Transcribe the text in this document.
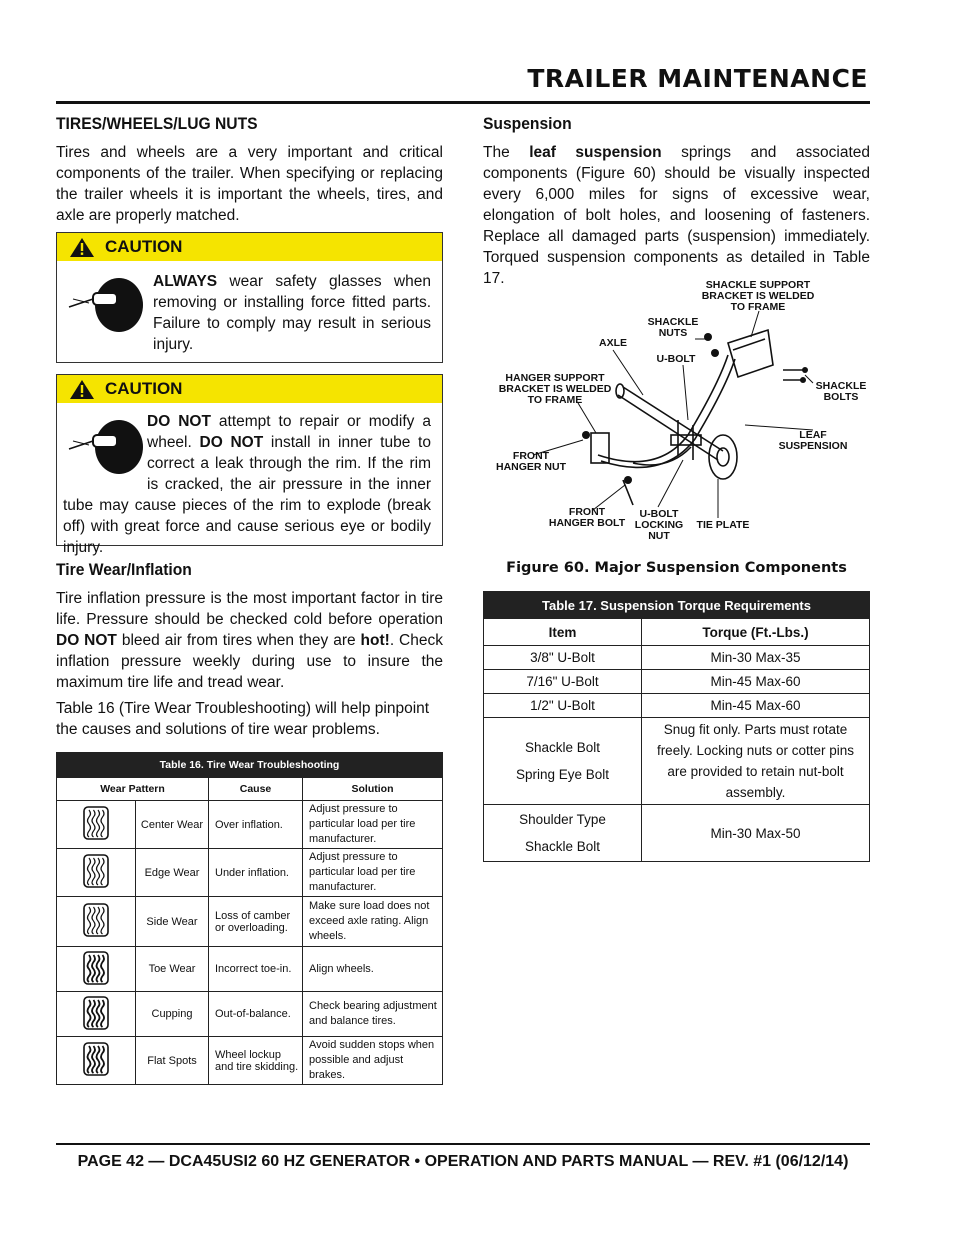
TRAILER MAINTENANCE
TIRES/WHEELS/LUG NUTS
Tires and wheels are a very important and critical components of the trailer. When specifying or replacing the trailer wheels it is important the wheels, tires, and axle are properly matched.
CAUTION
ALWAYS wear safety glasses when removing or installing force fitted parts. Failure to comply may result in serious injury.
CAUTION
DO NOT attempt to repair or modify a wheel. DO NOT install in inner tube to correct a leak through the rim. If the rim is cracked, the air pressure in the inner tube may cause pieces of the rim to explode (break off) with great force and cause serious eye or bodily injury.
Tire Wear/Inflation
Tire inflation pressure is the most important factor in tire life. Pressure should be checked cold before operation DO NOT bleed air from tires when they are hot!. Check inflation pressure weekly during use to insure the maximum tire life and tread wear.
Table 16 (Tire Wear Troubleshooting) will help pinpoint the causes and solutions of tire wear problems.
Table 16. Tire Wear Troubleshooting			
Wear Pattern		Cause	Solution
	Center Wear	Over inflation.	Adjust pressure to particular load per tire manufacturer.
	Edge Wear	Under inflation.	Adjust pressure to particular load per tire manufacturer.
	Side Wear	Loss of camber or overloading.	Make sure load does not exceed axle rating. Align wheels.
	Toe Wear	Incorrect toe-in.	Align wheels.
	Cupping	Out-of-balance.	Check bearing adjustment and balance tires.
	Flat Spots	Wheel lockup and tire skidding.	Avoid sudden stops when possible and adjust brakes.
Suspension
The leaf suspension springs and associated components (Figure 60) should be visually inspected every 6,000 miles for signs of excessive wear, elongation of bolt holes, and loosening of fasteners. Replace all damaged parts (suspension) immediately. Torqued suspension components as detailed in Table 17.	SHACKLE SUPPORT BRACKET IS WELDED TO FRAME
SHACKLE NUTS
AXLE
U-BOLT
SHACKLE BOLTS
HANGER SUPPORT BRACKET IS WELDED TO FRAME
LEAF SUSPENSION
FRONT HANGER NUT
FRONT HANGER BOLT
U-BOLT LOCKING NUT
TIE PLATE
Figure 60. Major Suspension Components
Table 17. Suspension Torque Requirements	
Item	Torque (Ft.-Lbs.)
3/8" U-Bolt	Min-30 Max-35
7/16" U-Bolt	Min-45 Max-60
1/2" U-Bolt	Min-45 Max-60

Shackle Bolt
Spring Eye Bolt	Snug fit only. Parts must rotate freely. Locking nuts or cotter pins are provided to retain nut-bolt assembly.

Shoulder Type
Shackle Bolt	Min-30 Max-50
PAGE 42 — DCA45USI2 60 HZ GENERATOR • OPERATION AND PARTS MANUAL — REV. #1 (06/12/14)
